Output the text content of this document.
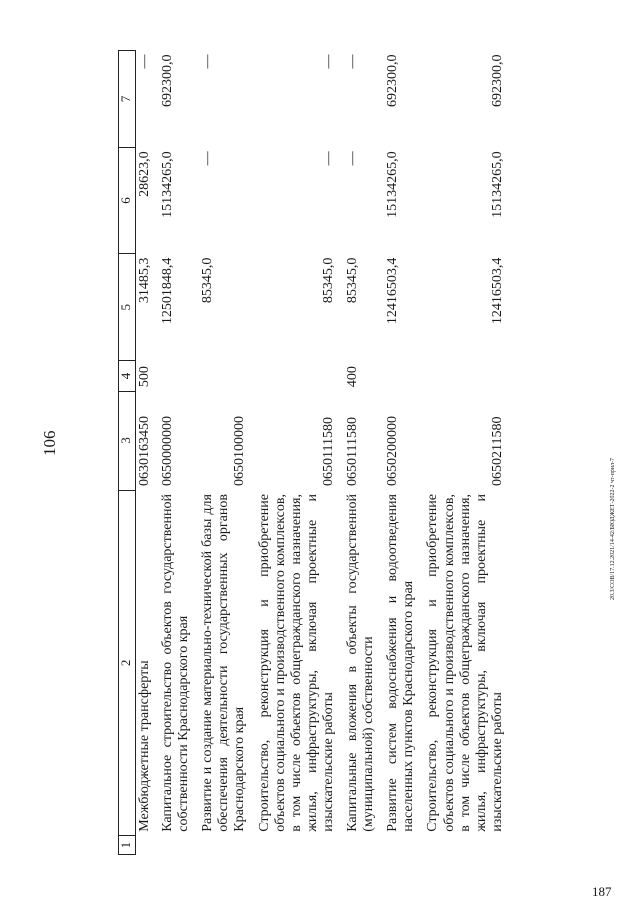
106
20.3/СОВ/17.12.2021/14-42/БЮДЖЕТ-2022-2 чт-прил-7
187
1	2	3	4	5	6	7
	Межбюджетные трансферты	0630163450	500	31485,3	28623,0	—
	Капитальное строительство объектов государственной собственности Краснодарского края	0650000000		12501848,4	15134265,0	692300,0
	Развитие и создание материально-технической базы для обеспечения деятельности государственных органов Краснодарского края	0650100000		85345,0	—	—
	Строительство, реконструкция и приобретение объектов социального и производственного комплексов, в том числе объектов общегражданского назначения, жилья, инфраструктуры, включая проектные и изыскательские работы	0650111580		85345,0	—	—
	Капитальные вложения в объекты государственной (муниципальной) собственности	0650111580	400	85345,0	—	—
	Развитие систем водоснабжения и водоотведения населенных пунктов Краснодарского края	0650200000		12416503,4	15134265,0	692300,0
	Строительство, реконструкция и приобретение объектов социального и производственного комплексов, в том числе объектов общегражданского назначения, жилья, инфраструктуры, включая проектные и изыскательские работы	0650211580		12416503,4	15134265,0	692300,0
